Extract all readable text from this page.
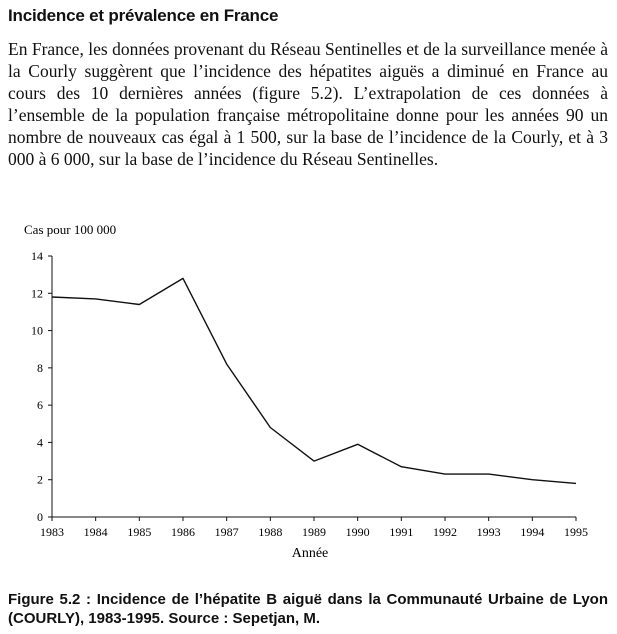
Incidence et prévalence en France
En France, les données provenant du Réseau Sentinelles et de la surveillance menée à la Courly suggèrent que l’incidence des hépatites aiguës a diminué en France au cours des 10 dernières années (figure 5.2). L’extrapolation de ces données à l’ensemble de la population française métropolitaine donne pour les années 90 un nombre de nouveaux cas égal à 1 500, sur la base de l’incidence de la Courly, et à 3 000 à 6 000, sur la base de l’incidence du Réseau Sentinelles.
Cas pour 100 000
0
2
4
6
8
10
12
14
1983 1984 1985 1986 1987 1988 1989 1990 1991 1992 1993 1994 1995
Année
Figure 5.2 : Incidence de l’hépatite B aiguë dans la Communauté Urbaine de Lyon (COURLY), 1983-1995. Source : Sepetjan, M.
